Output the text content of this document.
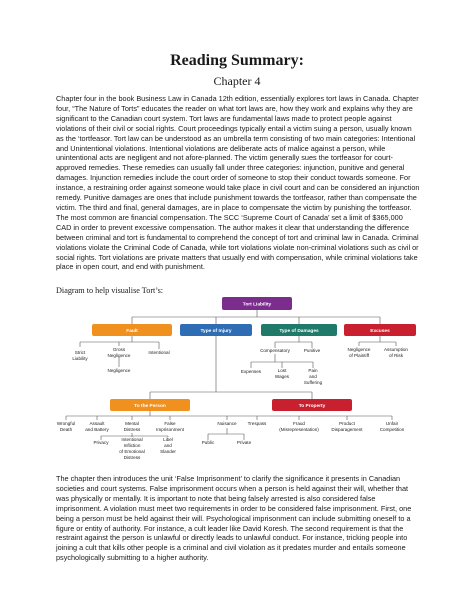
Reading Summary:

Chapter 4

Chapter four in the book Business Law in Canada 12th edition, essentially explores tort laws in Canada. Chapter four, “The Nature of Torts” educates the reader on what tort laws are, how they work and explains why they are significant to the Canadian court system. Tort laws are fundamental laws made to protect people against violations of their civil or social rights. Court proceedings typically entail a victim suing a person, usually known as the ‘tortfeasor. Tort law can be understood as an umbrella term consisting of two main categories: Intentional and Unintentional violations. Intentional violations are deliberate acts of malice against a person, while unintentional acts are negligent and not afore-planned. The victim generally sues the tortfeasor for court-approved remedies. These remedies can usually fall under three categories: injunction, punitive and general damages. Injunction remedies include the court order of someone to stop their conduct towards someone. For instance, a restraining order against someone would take place in civil court and can be considered an injunction remedy. Punitive damages are ones that include punishment towards the tortfeasor, rather than compensate the victim. The third and final, general damages, are in place to compensate the victim by punishing the tortfeasor. The most common are financial compensation. The SCC ‘Supreme Court of Canada’ set a limit of $365,000 CAD in order to prevent excessive compensation. The author makes it clear that understanding the difference between criminal and tort is fundamental to comprehend the concept of tort and criminal law in Canada. Criminal violations violate the Criminal Code of Canada, while tort violations violate non-criminal violations such as civil or social rights. Tort violations are private matters that usually end with compensation, while criminal violations take place in open court, and end with punishment.

Diagram to help visualise Tort’s:

Tort Liability
Fault	Type of Injury	Type of Damages	Excuses
Strict
Liability
Gross
Negligence
Intentional
Negligence
Compensatory	Punitive
Expenses	Lost
Wages
Pain
and
Suffering
Negligence
of Plaintiff
Assumption
of Risk
To the Person	To Property
Wrongful
Death
Assault
and Battery
Mental
Distress
False
Imprisonment
Privacy
Intentional
Infliction
of Emotional
Distress
Libel
and
Slander
Nuisance Trespass	Fraud
(Misrepresentation)
Product
Disparagement
Unfair
Competition
Public	Private

The chapter then introduces the unit ‘False Imprisonment’ to clarify the significance it presents in Canadian societies and court systems. False imprisonment occurs when a person is held against their will, whether that was physically or mentally. It is important to note that being falsely arrested is also considered false imprisonment. A violation must meet two requirements in order to be considered false imprisonment. First, one being a person must be held against their will. Psychological imprisonment can include submitting oneself to a figure or entity of authority. For instance, a cult leader like David Koresh. The second requirement is that the restraint against the person is unlawful or directly leads to unlawful conduct. For instance, tricking people into joining a cult that kills other people is a criminal and civil violation as it predates murder and entails someone psychologically submitting to a higher authority.
